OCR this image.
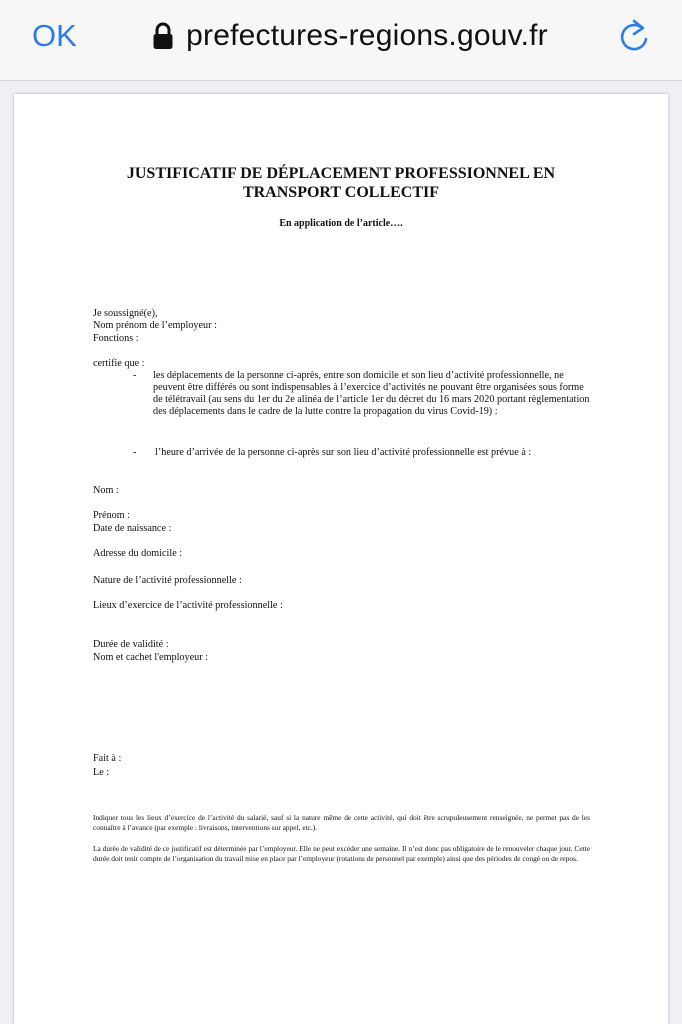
OK	prefectures-regions.gouv.fr
JUSTIFICATIF DE DÉPLACEMENT PROFESSIONNEL EN
TRANSPORT COLLECTIF
En application de l’article….
Je soussigné(e),
Nom prénom de l’employeur :
Fonctions :
certifie que :
- les déplacements de la personne ci-après, entre son domicile et son lieu d’activité professionnelle, ne peuvent être différés ou sont indispensables à l’exercice d’activités ne pouvant être organisées sous forme de télétravail (au sens du 1er du 2e alinéa de l’article 1er du décret du 16 mars 2020 portant règlementation des déplacements dans le cadre de la lutte contre la propagation du virus Covid-19) :
- l’heure d’arrivée de la personne ci-après sur son lieu d’activité professionnelle est prévue à :
Nom :
Prénom :
Date de naissance :
Adresse du domicile :
Nature de l’activité professionnelle :
Lieux d’exercice de l’activité professionnelle :
Durée de validité :
Nom et cachet l'employeur :
Fait à :
Le :
Indiquer tous les lieux d’exercice de l’activité du salarié, sauf si la nature même de cette activité, qui doit être scrupuleusement renseignée, ne permet pas de les connaître à l’avance (par exemple : livraisons, interventions sur appel, etc.).
La durée de validité de ce justificatif est déterminée par l’employeur. Elle ne peut excéder une semaine. Il n’est donc pas obligatoire de le renouveler chaque jour. Cette durée doit tenir compte de l’organisation du travail mise en place par l’employeur (rotations de personnel par exemple) ainsi que des périodes de congé ou de repos.
